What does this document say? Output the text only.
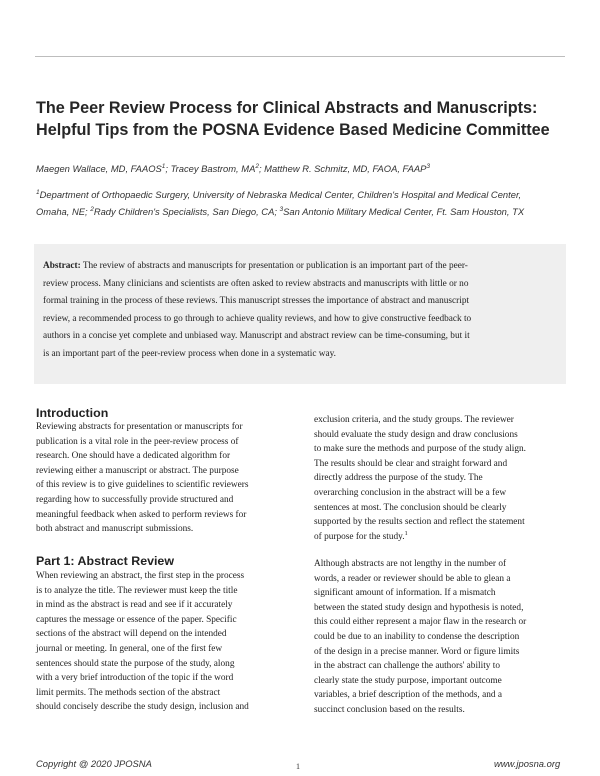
The Peer Review Process for Clinical Abstracts and Manuscripts:
Helpful Tips from the POSNA Evidence Based Medicine Committee
Maegen Wallace, MD, FAAOS$^1$; Tracey Bastrom, $MA^2$; Matthew R. Schmitz, MD, FAOA, FAAP$^3$
$^1$Department of Orthopaedic Surgery, University of Nebraska Medical Center, Children's Hospital and Medical Center,
Omaha, NE; $^2$Rady Children's Specialists, San Diego, CA; $^3$San Antonio Military Medical Center, Ft. Sam Houston, TX
Abstract: The review of abstracts and manuscripts for presentation or publication is an important part of the peer-
review process. Many clinicians and scientists are often asked to review abstracts and manuscripts with little or no
formal training in the process of these reviews. This manuscript stresses the importance of abstract and manuscript
review, a recommended process to go through to achieve quality reviews, and how to give constructive feedback to
authors in a concise yet complete and unbiased way. Manuscript and abstract review can be time-consuming, but it
is an important part of the peer-review process when done in a systematic way.
Introduction
Reviewing abstracts for presentation or manuscripts for
publication is a vital role in the peer-review process of
research. One should have a dedicated algorithm for
reviewing either a manuscript or abstract. The purpose
of this review is to give guidelines to scientific reviewers
regarding how to successfully provide structured and
meaningful feedback when asked to perform reviews for
both abstract and manuscript submissions.
Part 1: Abstract Review
When reviewing an abstract, the first step in the process
is to analyze the title. The reviewer must keep the title
in mind as the abstract is read and see if it accurately
captures the message or essence of the paper. Specific
sections of the abstract will depend on the intended
journal or meeting. In general, one of the first few
sentences should state the purpose of the study, along
with a very brief introduction of the topic if the word
limit permits. The methods section of the abstract
should concisely describe the study design, inclusion and
exclusion criteria, and the study groups. The reviewer
should evaluate the study design and draw conclusions
to make sure the methods and purpose of the study align.
The results should be clear and straight forward and
directly address the purpose of the study. The
overarching conclusion in the abstract will be a few
sentences at most. The conclusion should be clearly
supported by the results section and reflect the statement
of purpose for the study.$^1$
Although abstracts are not lengthy in the number of
words, a reader or reviewer should be able to glean a
significant amount of information. If a mismatch
between the stated study design and hypothesis is noted,
this could either represent a major flaw in the research or
could be due to an inability to condense the description
of the design in a precise manner. Word or figure limits
in the abstract can challenge the authors' ability to
clearly state the study purpose, important outcome
variables, a brief description of the methods, and a
succinct conclusion based on the results.
Copyright @ 2020 JPOSNA	1	www.jposna.org
